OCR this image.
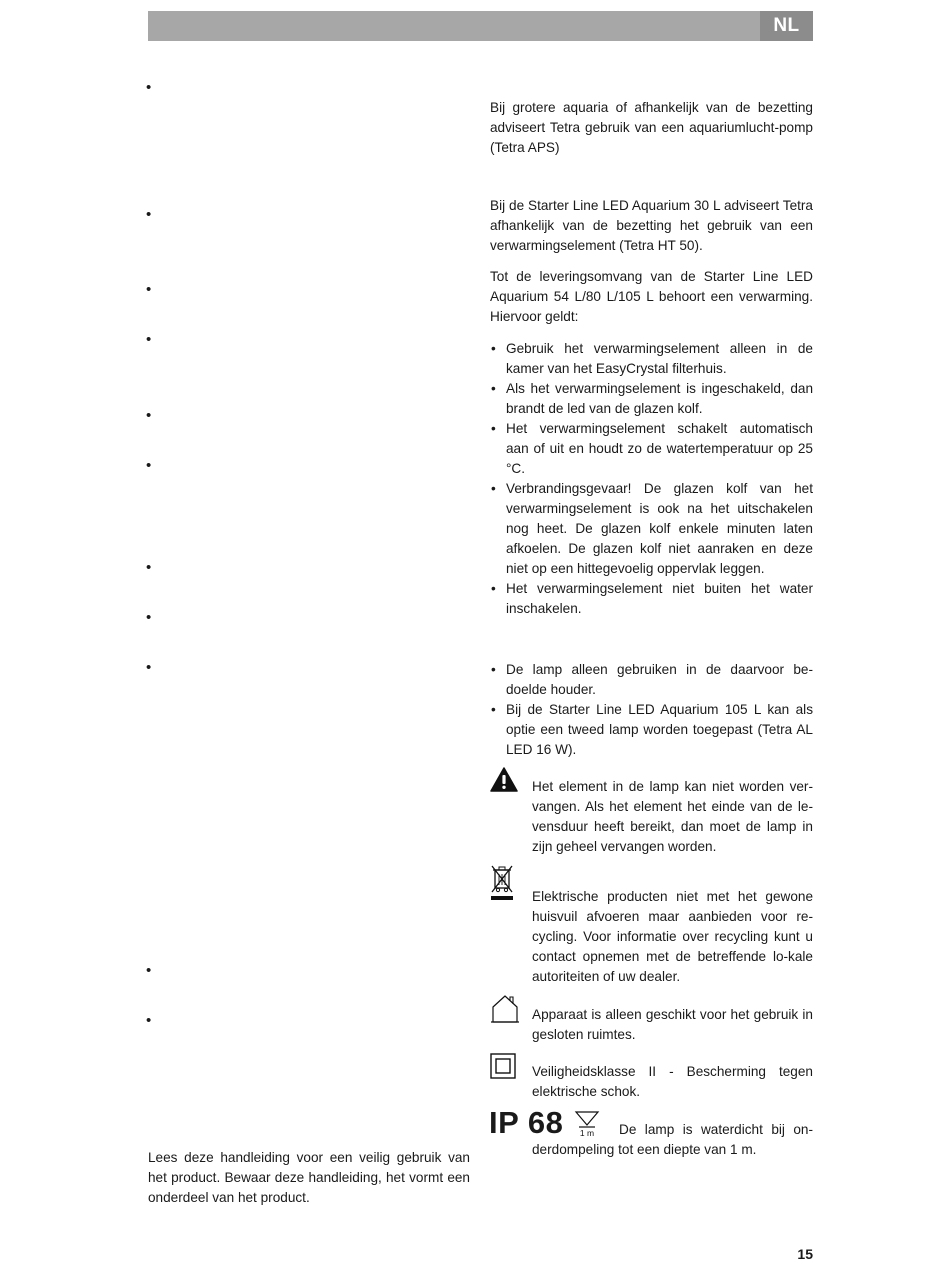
NL
•
•
•
•
•
•
•
•
•
•
•

Lees deze handleiding voor een veilig gebruik van het product. Bewaar deze handleiding, het vormt een onderdeel van het product.

Bij grotere aquaria of afhankelijk van de bezetting adviseert Tetra gebruik van een aquariumlucht-pomp (Tetra APS)

Bij de Starter Line LED Aquarium 30 L adviseert Tetra afhankelijk van de bezetting het gebruik van een verwarmingselement (Tetra HT 50).

Tot de leveringsomvang van de Starter Line LED Aquarium 54 L/80 L/105 L behoort een verwarming. Hiervoor geldt:

• Gebruik het verwarmingselement alleen in de kamer van het EasyCrystal filterhuis.
• Als het verwarmingselement is ingeschakeld, dan brandt de led van de glazen kolf.
• Het verwarmingselement schakelt automatisch aan of uit en houdt zo de watertemperatuur op 25 °C.
• Verbrandingsgevaar! De glazen kolf van het verwarmingselement is ook na het uitschakelen nog heet. De glazen kolf enkele minuten laten afkoelen. De glazen kolf niet aanraken en deze niet op een hittegevoelig oppervlak leggen.
• Het verwarmingselement niet buiten het water inschakelen.
• De lamp alleen gebruiken in de daarvoor be-doelde houder.
• Bij de Starter Line LED Aquarium 105 L kan als optie een tweed lamp worden toegepast (Tetra AL LED 16 W).

Het element in de lamp kan niet worden ver-vangen. Als het element het einde van de le-vensduur heeft bereikt, dan moet de lamp in zijn geheel vervangen worden.

Elektrische producten niet met het gewone huisvuil afvoeren maar aanbieden voor re-cycling. Voor informatie over recycling kunt u contact opnemen met de betreffende lo-kale autoriteiten of uw dealer.

Apparaat is alleen geschikt voor het gebruik in gesloten ruimtes.

Veiligheidsklasse II - Bescherming tegen elektrische schok.

IP 68 1 m	De lamp is waterdicht bij on-derdompeling tot een diepte van 1 m.

15
